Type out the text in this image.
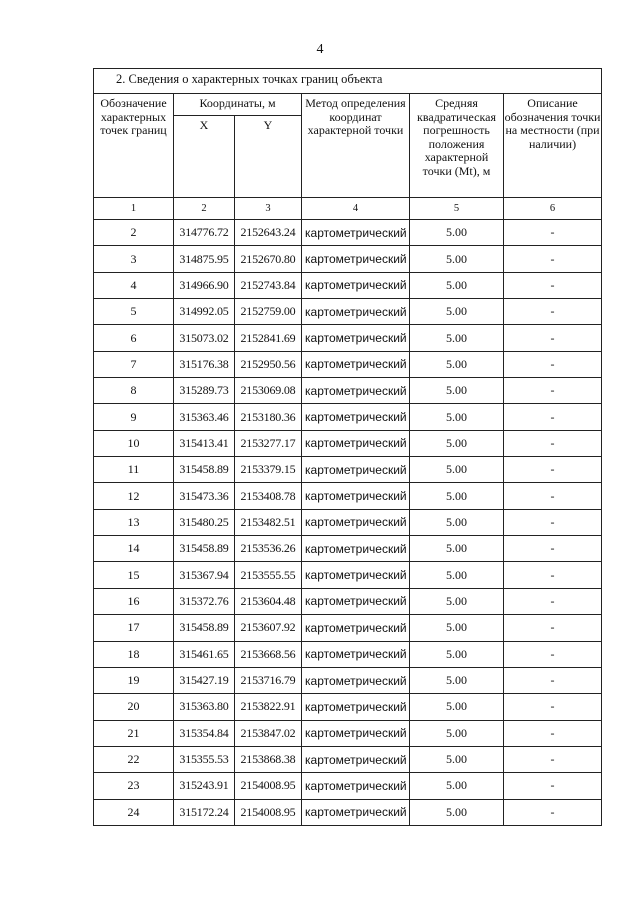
4
2. Сведения о характерных точках границ объекта					
Обозначение характерных точек границ	Координаты, м		Метод определения координат характерной точки	Средняя квадратическая погрешность положения характерной точки (Mt), м	Описание обозначения точки на местности (при наличии)
	X	Y			
1	2	3	4	5	6
2	314776.72	2152643.24	картометрический	5.00	-
3	314875.95	2152670.80	картометрический	5.00	-
4	314966.90	2152743.84	картометрический	5.00	-
5	314992.05	2152759.00	картометрический	5.00	-
6	315073.02	2152841.69	картометрический	5.00	-
7	315176.38	2152950.56	картометрический	5.00	-
8	315289.73	2153069.08	картометрический	5.00	-
9	315363.46	2153180.36	картометрический	5.00	-
10	315413.41	2153277.17	картометрический	5.00	-
11	315458.89	2153379.15	картометрический	5.00	-
12	315473.36	2153408.78	картометрический	5.00	-
13	315480.25	2153482.51	картометрический	5.00	-
14	315458.89	2153536.26	картометрический	5.00	-
15	315367.94	2153555.55	картометрический	5.00	-
16	315372.76	2153604.48	картометрический	5.00	-
17	315458.89	2153607.92	картометрический	5.00	-
18	315461.65	2153668.56	картометрический	5.00	-
19	315427.19	2153716.79	картометрический	5.00	-
20	315363.80	2153822.91	картометрический	5.00	-
21	315354.84	2153847.02	картометрический	5.00	-
22	315355.53	2153868.38	картометрический	5.00	-
23	315243.91	2154008.95	картометрический	5.00	-
24	315172.24	2154008.95	картометрический	5.00	-
